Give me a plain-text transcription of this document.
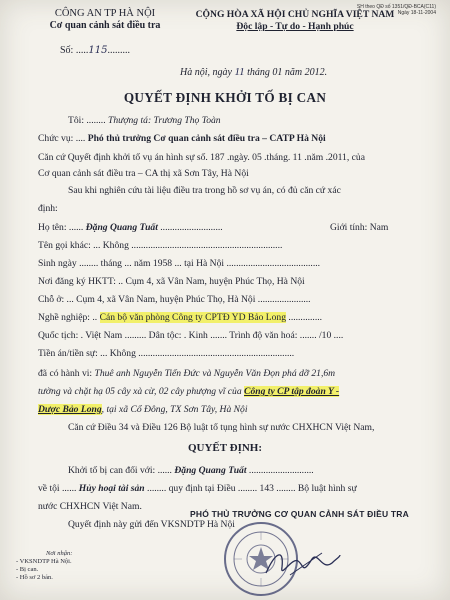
SH theo QĐ số 1351/QĐ-BCA(C11)
Ngày 18-11-2004
CÔNG AN TP HÀ NỘI
Cơ quan cảnh sát điều tra
Số: .....115.........
CỘNG HÒA XÃ HỘI CHỦ NGHĨA VIỆT NAM
Độc lập - Tự do - Hạnh phúc
Hà nội, ngày 11 tháng 01 năm 2012.
QUYẾT ĐỊNH KHỞI TỐ BỊ CAN
Tôi: ........ Thượng tá: Trương Thọ Toàn
Chức vụ: .... Phó thủ trưởng Cơ quan cảnh sát điều tra – CATP Hà Nội
Căn cứ Quyết định khởi tố vụ án hình sự số. 187 .ngày. 05 .tháng. 11 .năm .2011, của
Cơ quan cảnh sát điều tra – CA thị xã Sơn Tây, Hà Nội
Sau khi nghiên cứu tài liệu điều tra trong hồ sơ vụ án, có đủ căn cứ xác
định:
Họ tên: ...... Đặng Quang Tuất ..........................	Giới tính: Nam
Tên gọi khác: ... Không ...............................................................
Sinh ngày ........ tháng ... năm 1958 ... tại Hà Nội .......................................
Nơi đăng ký HKTT: .. Cụm 4, xã Vân Nam, huyện Phúc Thọ, Hà Nội
Chỗ ở: ... Cụm 4, xã Vân Nam, huyện Phúc Thọ, Hà Nội ......................
Nghề nghiệp: .. Cán bộ văn phòng Công ty CPTĐ YD Bảo Long ..............
Quốc tịch: . Việt Nam ......... Dân tộc: . Kinh ....... Trình độ văn hoá: ....... /10 ....
Tiền án/tiền sự: ... Không .................................................................
đã có hành vi: Thuê anh Nguyễn Tiến Đức và Nguyễn Văn Đọn phá dỡ 21,6m
tường và chặt hạ 05 cây xà cừ, 02 cây phượng vĩ của Công ty CP tập đoàn Y -
Dược Bảo Long, tại xã Cổ Đông, TX Sơn Tây, Hà Nội
Căn cứ Điều 34 và Điều 126 Bộ luật tố tụng hình sự nước CHXHCN Việt Nam,
QUYẾT ĐỊNH:
Khởi tố bị can đối với: ...... Đặng Quang Tuất ...........................
về tội ...... Hủy hoại tài sản ........ quy định tại Điều ........ 143 ........ Bộ luật hình sự
nước CHXHCN Việt Nam.
Quyết định này gửi đến VKSNDTP Hà Nội
PHÓ THỦ TRƯỞNG CƠ QUAN CẢNH SÁT ĐIỀU TRA
Nơi nhận:
- VKSNDTP Hà Nội.
- Bị can.
- Hồ sơ 2 bản.
